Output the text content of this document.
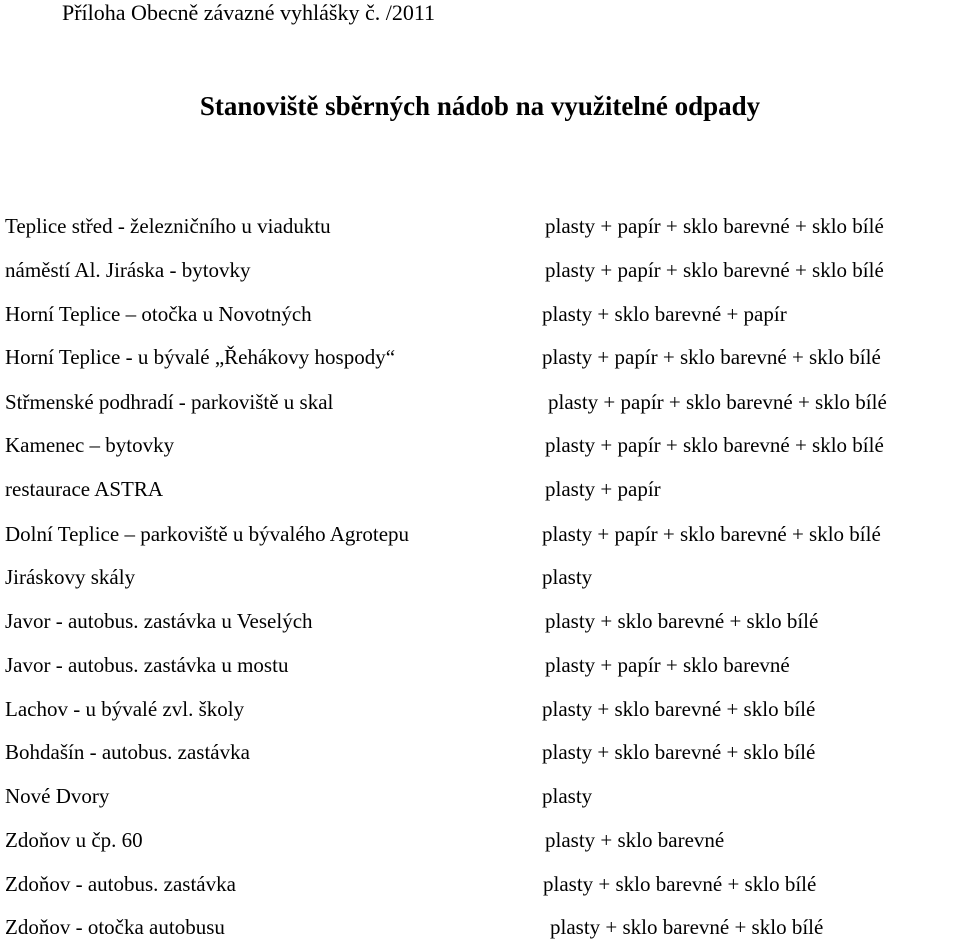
Příloha Obecně závazné vyhlášky č. /2011
Stanoviště sběrných nádob na využitelné odpady
Teplice střed - železničního u viaduktu	plasty + papír + sklo barevné + sklo bílé
náměstí Al. Jiráska - bytovky	plasty + papír + sklo barevné + sklo bílé
Horní Teplice – otočka u Novotných	plasty + sklo barevné + papír
Horní Teplice - u bývalé „Řehákovy hospody“	plasty + papír + sklo barevné + sklo bílé
Střmenské podhradí - parkoviště u skal	plasty + papír + sklo barevné + sklo bílé
Kamenec – bytovky	plasty + papír + sklo barevné + sklo bílé
restaurace ASTRA	plasty + papír
Dolní Teplice – parkoviště u bývalého Agrotepu	plasty + papír + sklo barevné + sklo bílé
Jiráskovy skály	plasty
Javor - autobus. zastávka u Veselých	plasty + sklo barevné + sklo bílé
Javor - autobus. zastávka u mostu	plasty + papír + sklo barevné
Lachov - u bývalé zvl. školy	plasty + sklo barevné + sklo bílé
Bohdašín - autobus. zastávka	plasty + sklo barevné + sklo bílé
Nové Dvory	plasty
Zdoňov u čp. 60	plasty + sklo barevné
Zdoňov - autobus. zastávka	plasty + sklo barevné + sklo bílé
Zdoňov - otočka autobusu	plasty + sklo barevné + sklo bílé
